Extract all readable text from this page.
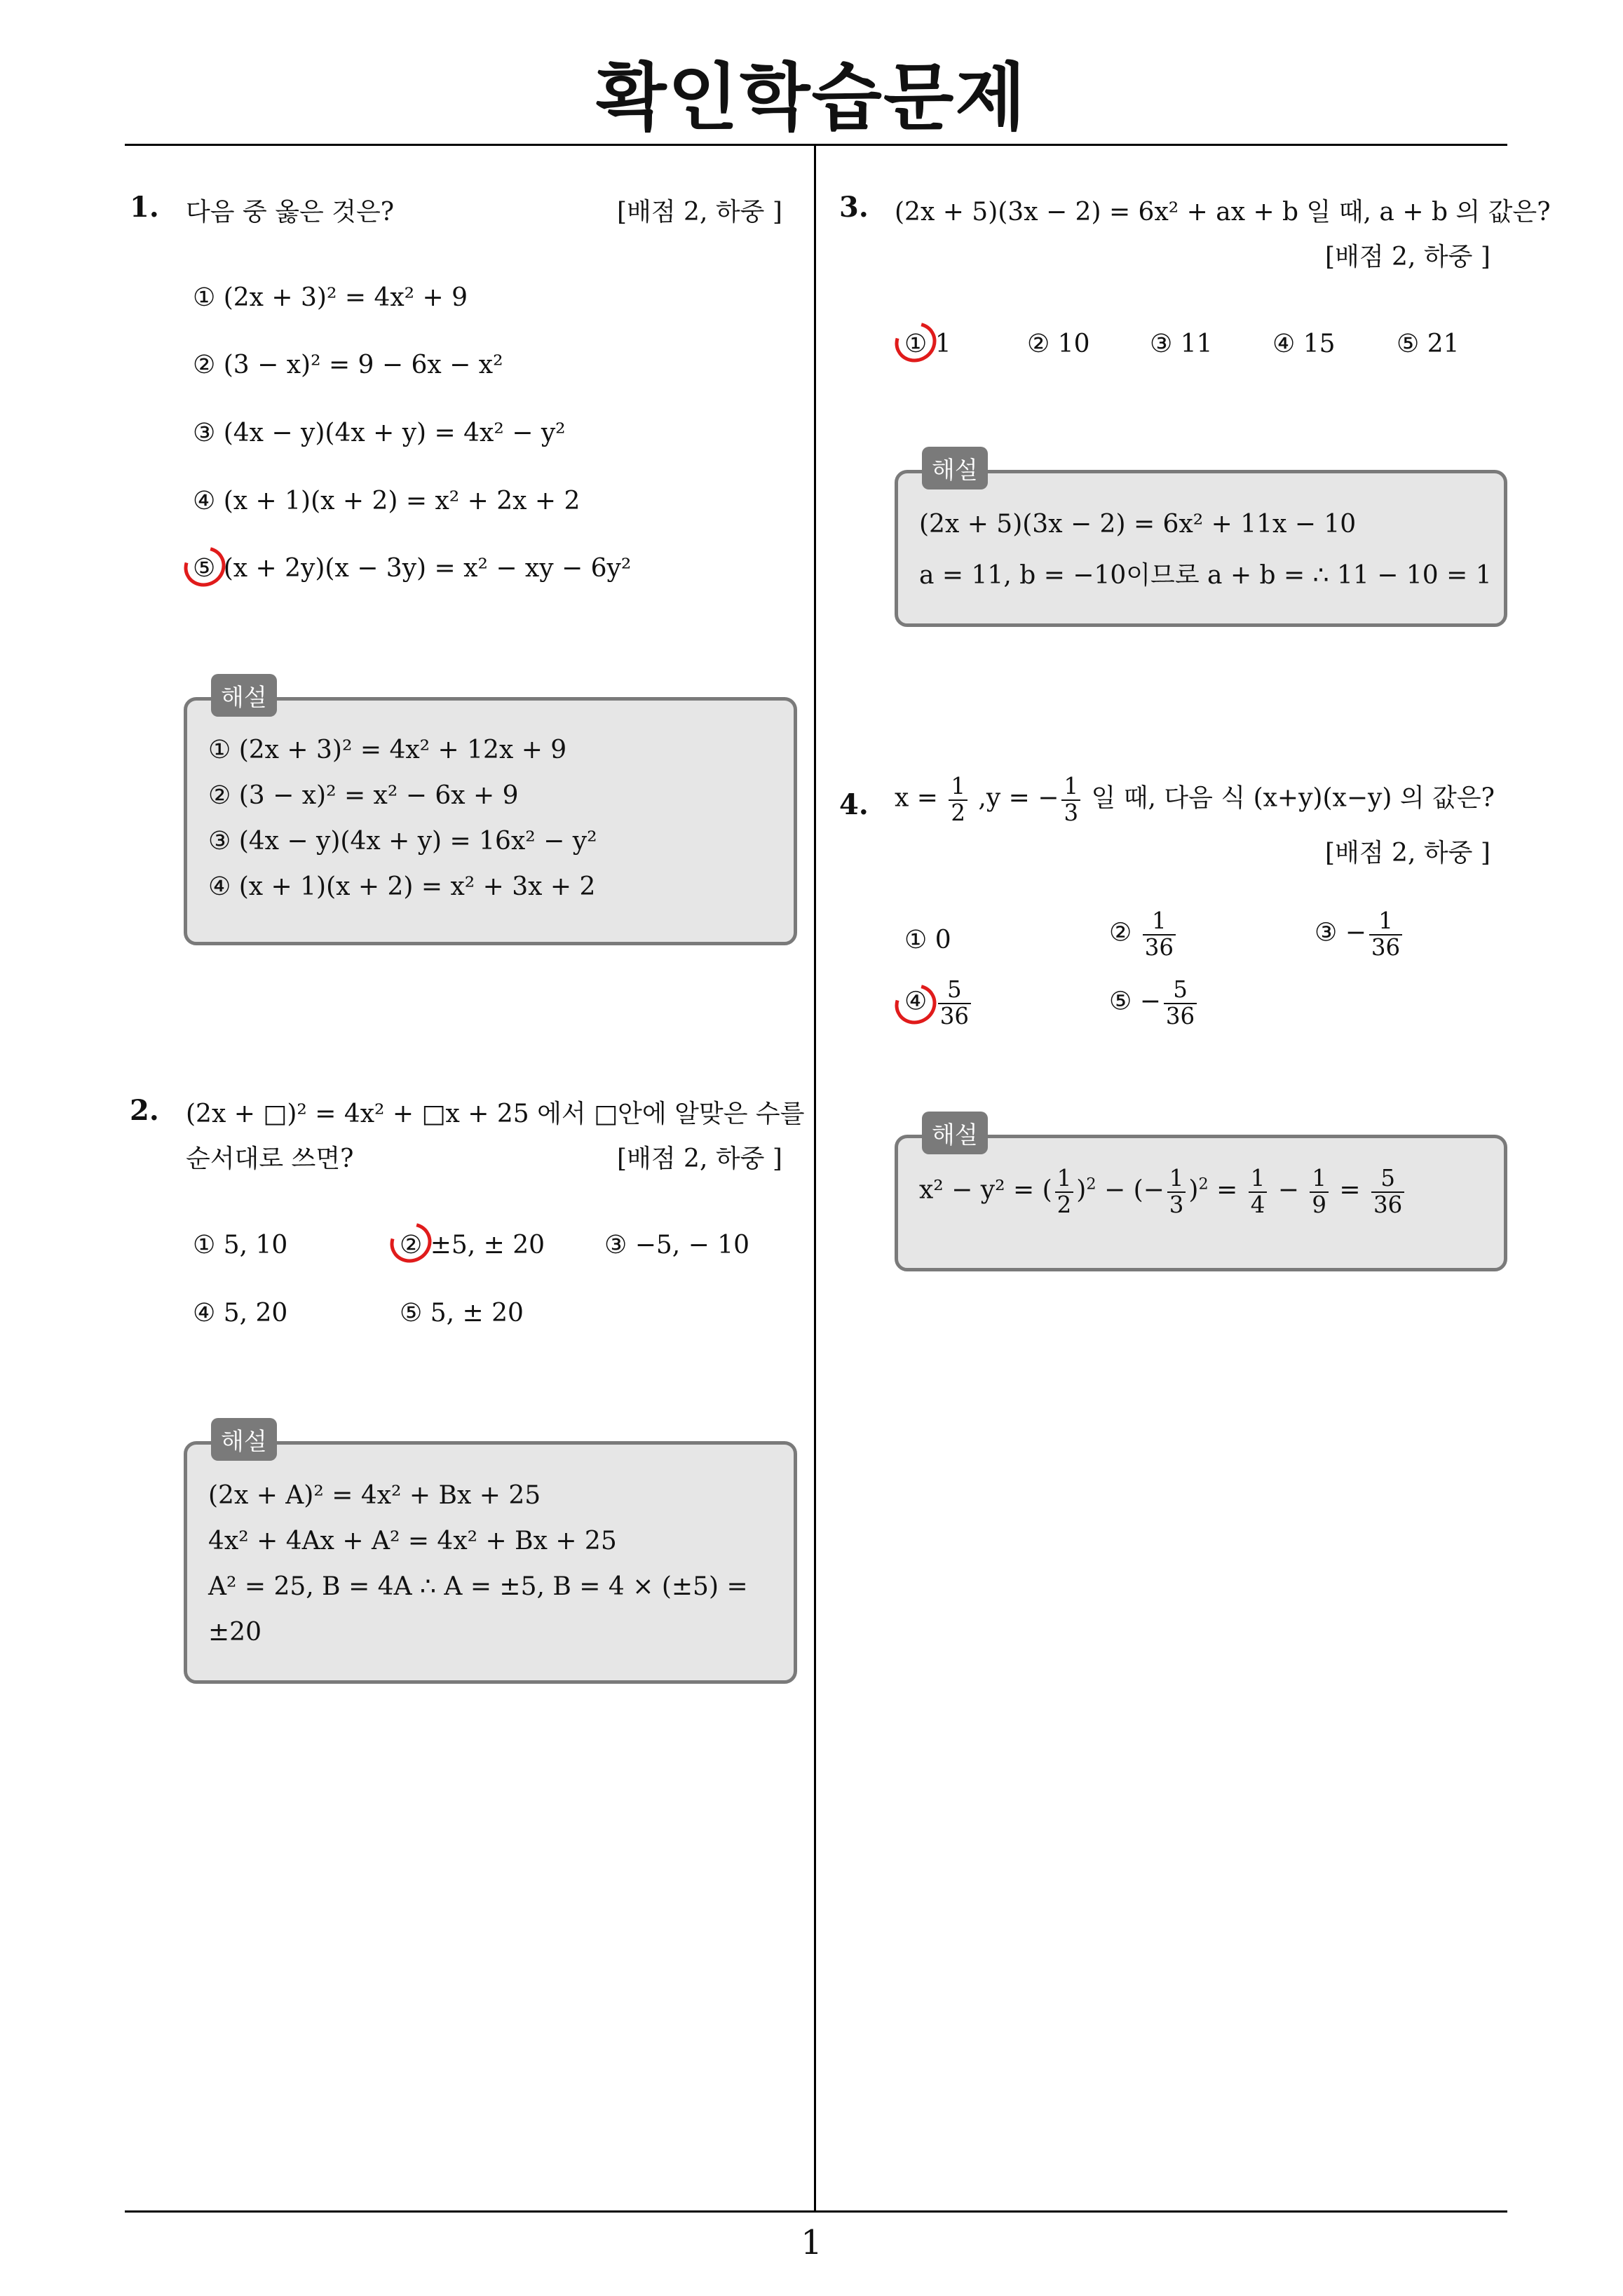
확인학습문제
1
1. 다음 중 옳은 것은?	[배점 2, 하중 ]
① (2x + 3)² = 4x² + 9
② (3 − x)² = 9 − 6x − x²
③ (4x − y)(4x + y) = 4x² − y²
④ (x + 1)(x + 2) = x² + 2x + 2
⑤ (x + 2y)(x − 3y) = x² − xy − 6y²
해설
① (2x + 3)² = 4x² + 12x + 9
② (3 − x)² = x² − 6x + 9
③ (4x − y)(4x + y) = 16x² − y²
④ (x + 1)(x + 2) = x² + 3x + 2
2. (2x + □)² = 4x² + □x + 25 에서 □안에 알맞은 수를
순서대로 쓰면?	[배점 2, 하중 ]
① 5, 10	② ±5, ± 20 ③ −5, − 10
④ 5, 20	⑤ 5, ± 20
해설
(2x + A)² = 4x² + Bx + 25
4x² + 4Ax + A² = 4x² + Bx + 25
A² = 25, B = 4A ∴ A = ±5, B = 4 × (±5) =
±20
3. (2x + 5)(3x − 2) = 6x² + ax + b 일 때, a + b 의 값은?
[배점 2, 하중 ]
① 1	② 10 ③ 11 ④ 15 ⑤ 21
해설
(2x + 5)(3x − 2) = 6x² + 11x − 10
a = 11, b = −10이므로 a + b = ∴ 11 − 10 = 1
4. $x = \frac{1}{2} ,y$ = − $\frac{1}{3}$ 일 때, 다음 식 (x+y)(x−y) 의 값은?
[배점 2, 하중 ]
① 0	② $\frac{1}{36}$	③ − $\frac{1}{36}$
④ $\frac{5}{36}$	⑤ − $\frac{5}{36}$
해설
x² − y² = ( $\frac{1}{2} )^2$ − (− $\frac{1}{3} )^2 = \frac{1}{4} - \frac{1}{9} = \frac{5}{36}$
